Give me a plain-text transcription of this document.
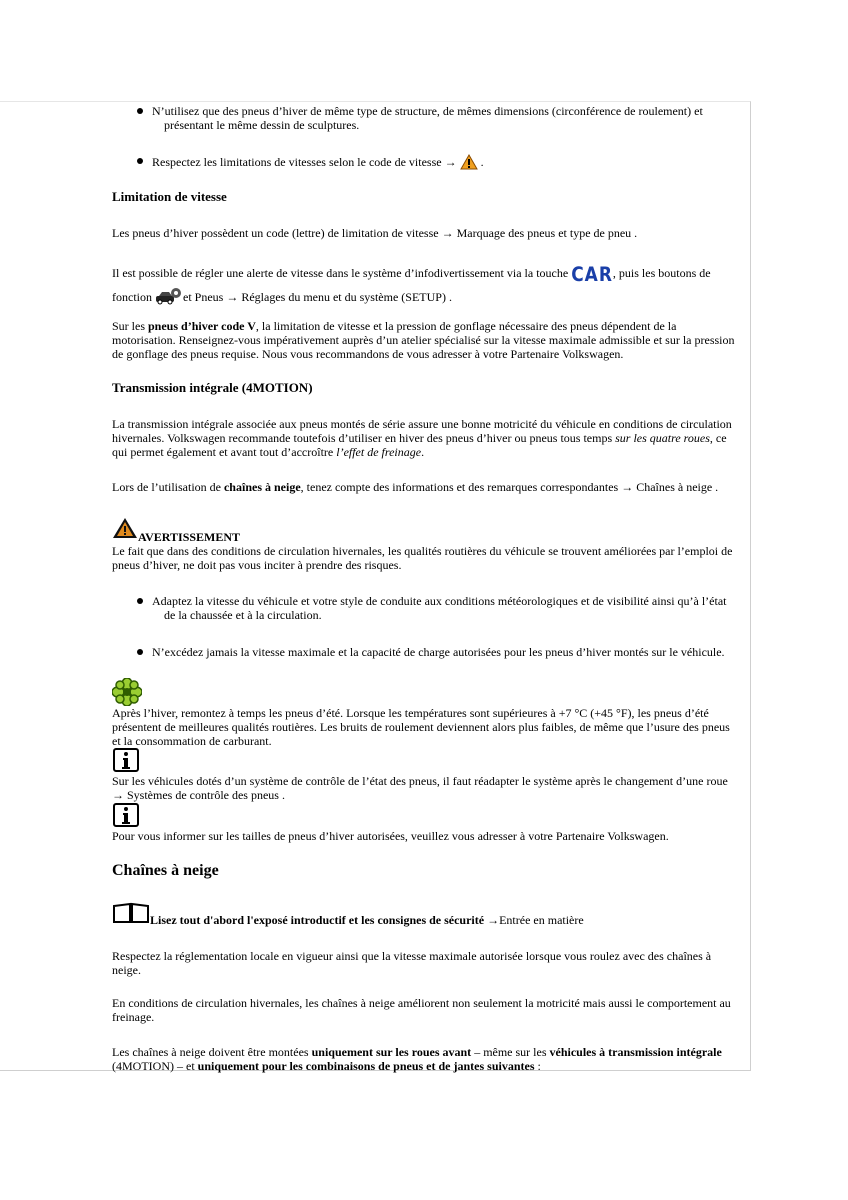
N’utilisez que des pneus d’hiver de même type de structure, de mêmes dimensions (circonférence de roulement) et
présentant le même dessin de sculptures.

Respectez les limitations de vitesses selon le code de vitesse →  .

Limitation de vitesse

Les pneus d’hiver possèdent un code (lettre) de limitation de vitesse → Marquage des pneus et type de pneu .

Il est possible de régler une alerte de vitesse dans le système d’infodivertissement via la touche CAR, puis les boutons de
fonction	et Pneus → Réglages du menu et du système (SETUP) .

Sur les pneus d’hiver code V, la limitation de vitesse et la pression de gonflage nécessaire des pneus dépendent de la motorisation. Renseignez-vous impérativement auprès d’un atelier spécialisé sur la vitesse maximale admissible et sur la pression de gonflage des pneus requise. Nous vous recommandons de vous adresser à votre Partenaire Volkswagen.

Transmission intégrale (4MOTION)

La transmission intégrale associée aux pneus montés de série assure une bonne motricité du véhicule en conditions de circulation hivernales. Volkswagen recommande toutefois d’utiliser en hiver des pneus d’hiver ou pneus tous temps sur les quatre roues, ce qui permet également et avant tout d’accroître l’effet de freinage.

Lors de l’utilisation de chaînes à neige, tenez compte des informations et des remarques correspondantes → Chaînes à neige .

AVERTISSEMENT

Le fait que dans des conditions de circulation hivernales, les qualités routières du véhicule se trouvent améliorées par l’emploi de pneus d’hiver, ne doit pas vous inciter à prendre des risques.

Adaptez la vitesse du véhicule et votre style de conduite aux conditions météorologiques et de visibilité ainsi qu’à l’état
de la chaussée et à la circulation.

N’excédez jamais la vitesse maximale et la capacité de charge autorisées pour les pneus d’hiver montés sur le véhicule.

Après l’hiver, remontez à temps les pneus d’été. Lorsque les températures sont supérieures à +7 °C (+45 °F), les pneus d’été présentent de meilleures qualités routières. Les bruits de roulement deviennent alors plus faibles, de même que l’usure des pneus et la consommation de carburant.

Sur les véhicules dotés d’un système de contrôle de l’état des pneus, il faut réadapter le système après le changement d’une roue
→ Systèmes de contrôle des pneus .

Pour vous informer sur les tailles de pneus d’hiver autorisées, veuillez vous adresser à votre Partenaire Volkswagen.

Chaînes à neige

Lisez tout d'abord l'exposé introductif et les consignes de sécurité →Entrée en matière

Respectez la réglementation locale en vigueur ainsi que la vitesse maximale autorisée lorsque vous roulez avec des chaînes à neige.

En conditions de circulation hivernales, les chaînes à neige améliorent non seulement la motricité mais aussi le comportement au freinage.

Les chaînes à neige doivent être montées uniquement sur les roues avant – même sur les véhicules à transmission intégrale (4MOTION) – et uniquement pour les combinaisons de pneus et de jantes suivantes :
